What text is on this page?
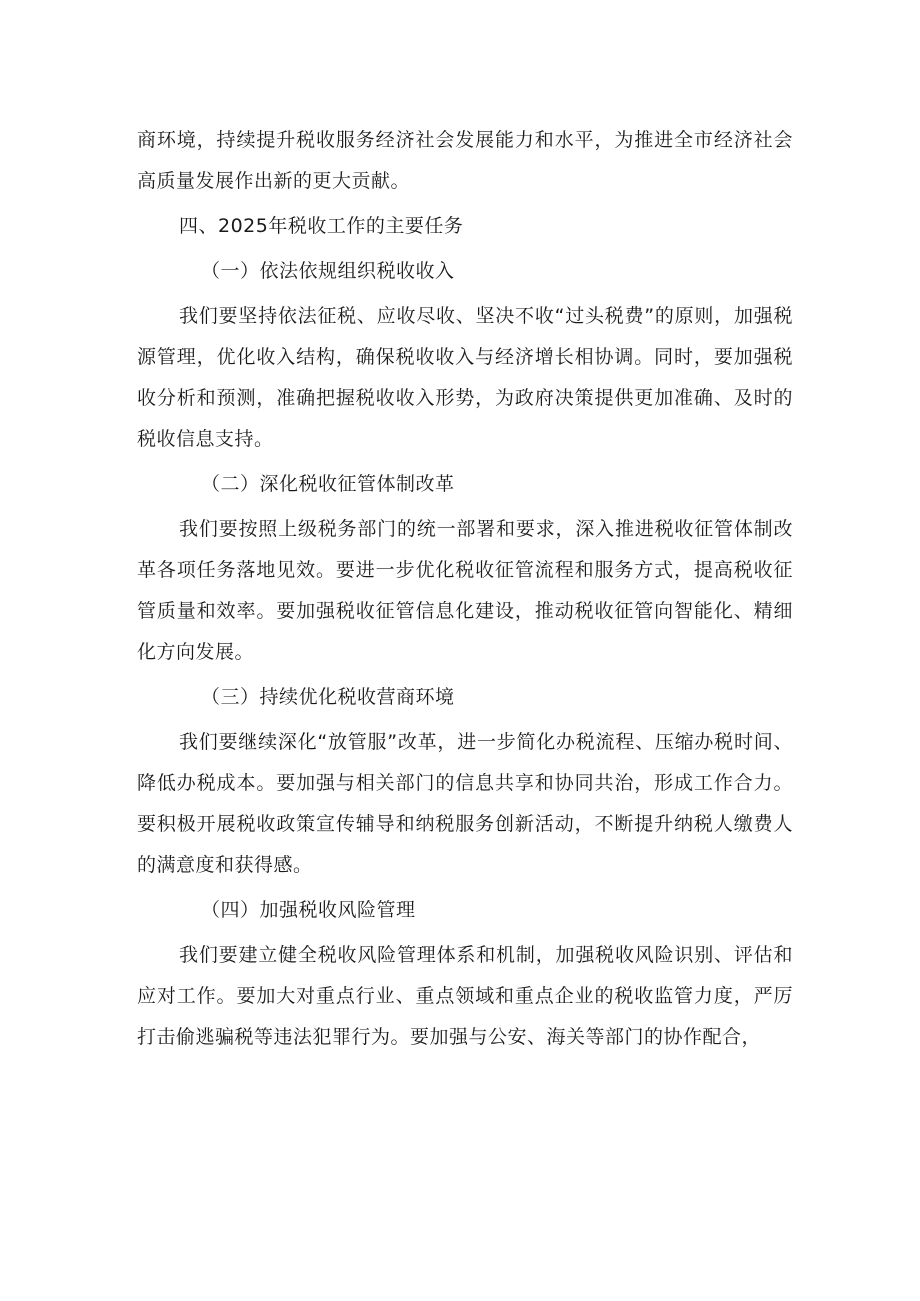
商环境，持续提升税收服务经济社会发展能力和水平，为推进全市经济社会高质量发展作出新的更大贡献。

四、2025年税收工作的主要任务

（一）依法依规组织税收收入

我们要坚持依法征税、应收尽收、坚决不收“过头税费”的原则，加强税源管理，优化收入结构，确保税收收入与经济增长相协调。同时，要加强税收分析和预测，准确把握税收收入形势，为政府决策提供更加准确、及时的税收信息支持。

（二）深化税收征管体制改革

我们要按照上级税务部门的统一部署和要求，深入推进税收征管体制改革各项任务落地见效。要进一步优化税收征管流程和服务方式，提高税收征管质量和效率。要加强税收征管信息化建设，推动税收征管向智能化、精细化方向发展。

（三）持续优化税收营商环境

我们要继续深化“放管服”改革，进一步简化办税流程、压缩办税时间、降低办税成本。要加强与相关部门的信息共享和协同共治，形成工作合力。要积极开展税收政策宣传辅导和纳税服务创新活动，不断提升纳税人缴费人的满意度和获得感。

（四）加强税收风险管理

我们要建立健全税收风险管理体系和机制，加强税收风险识别、评估和应对工作。要加大对重点行业、重点领域和重点企业的税收监管力度，严厉打击偷逃骗税等违法犯罪行为。要加强与公安、海关等部门的协作配合，
